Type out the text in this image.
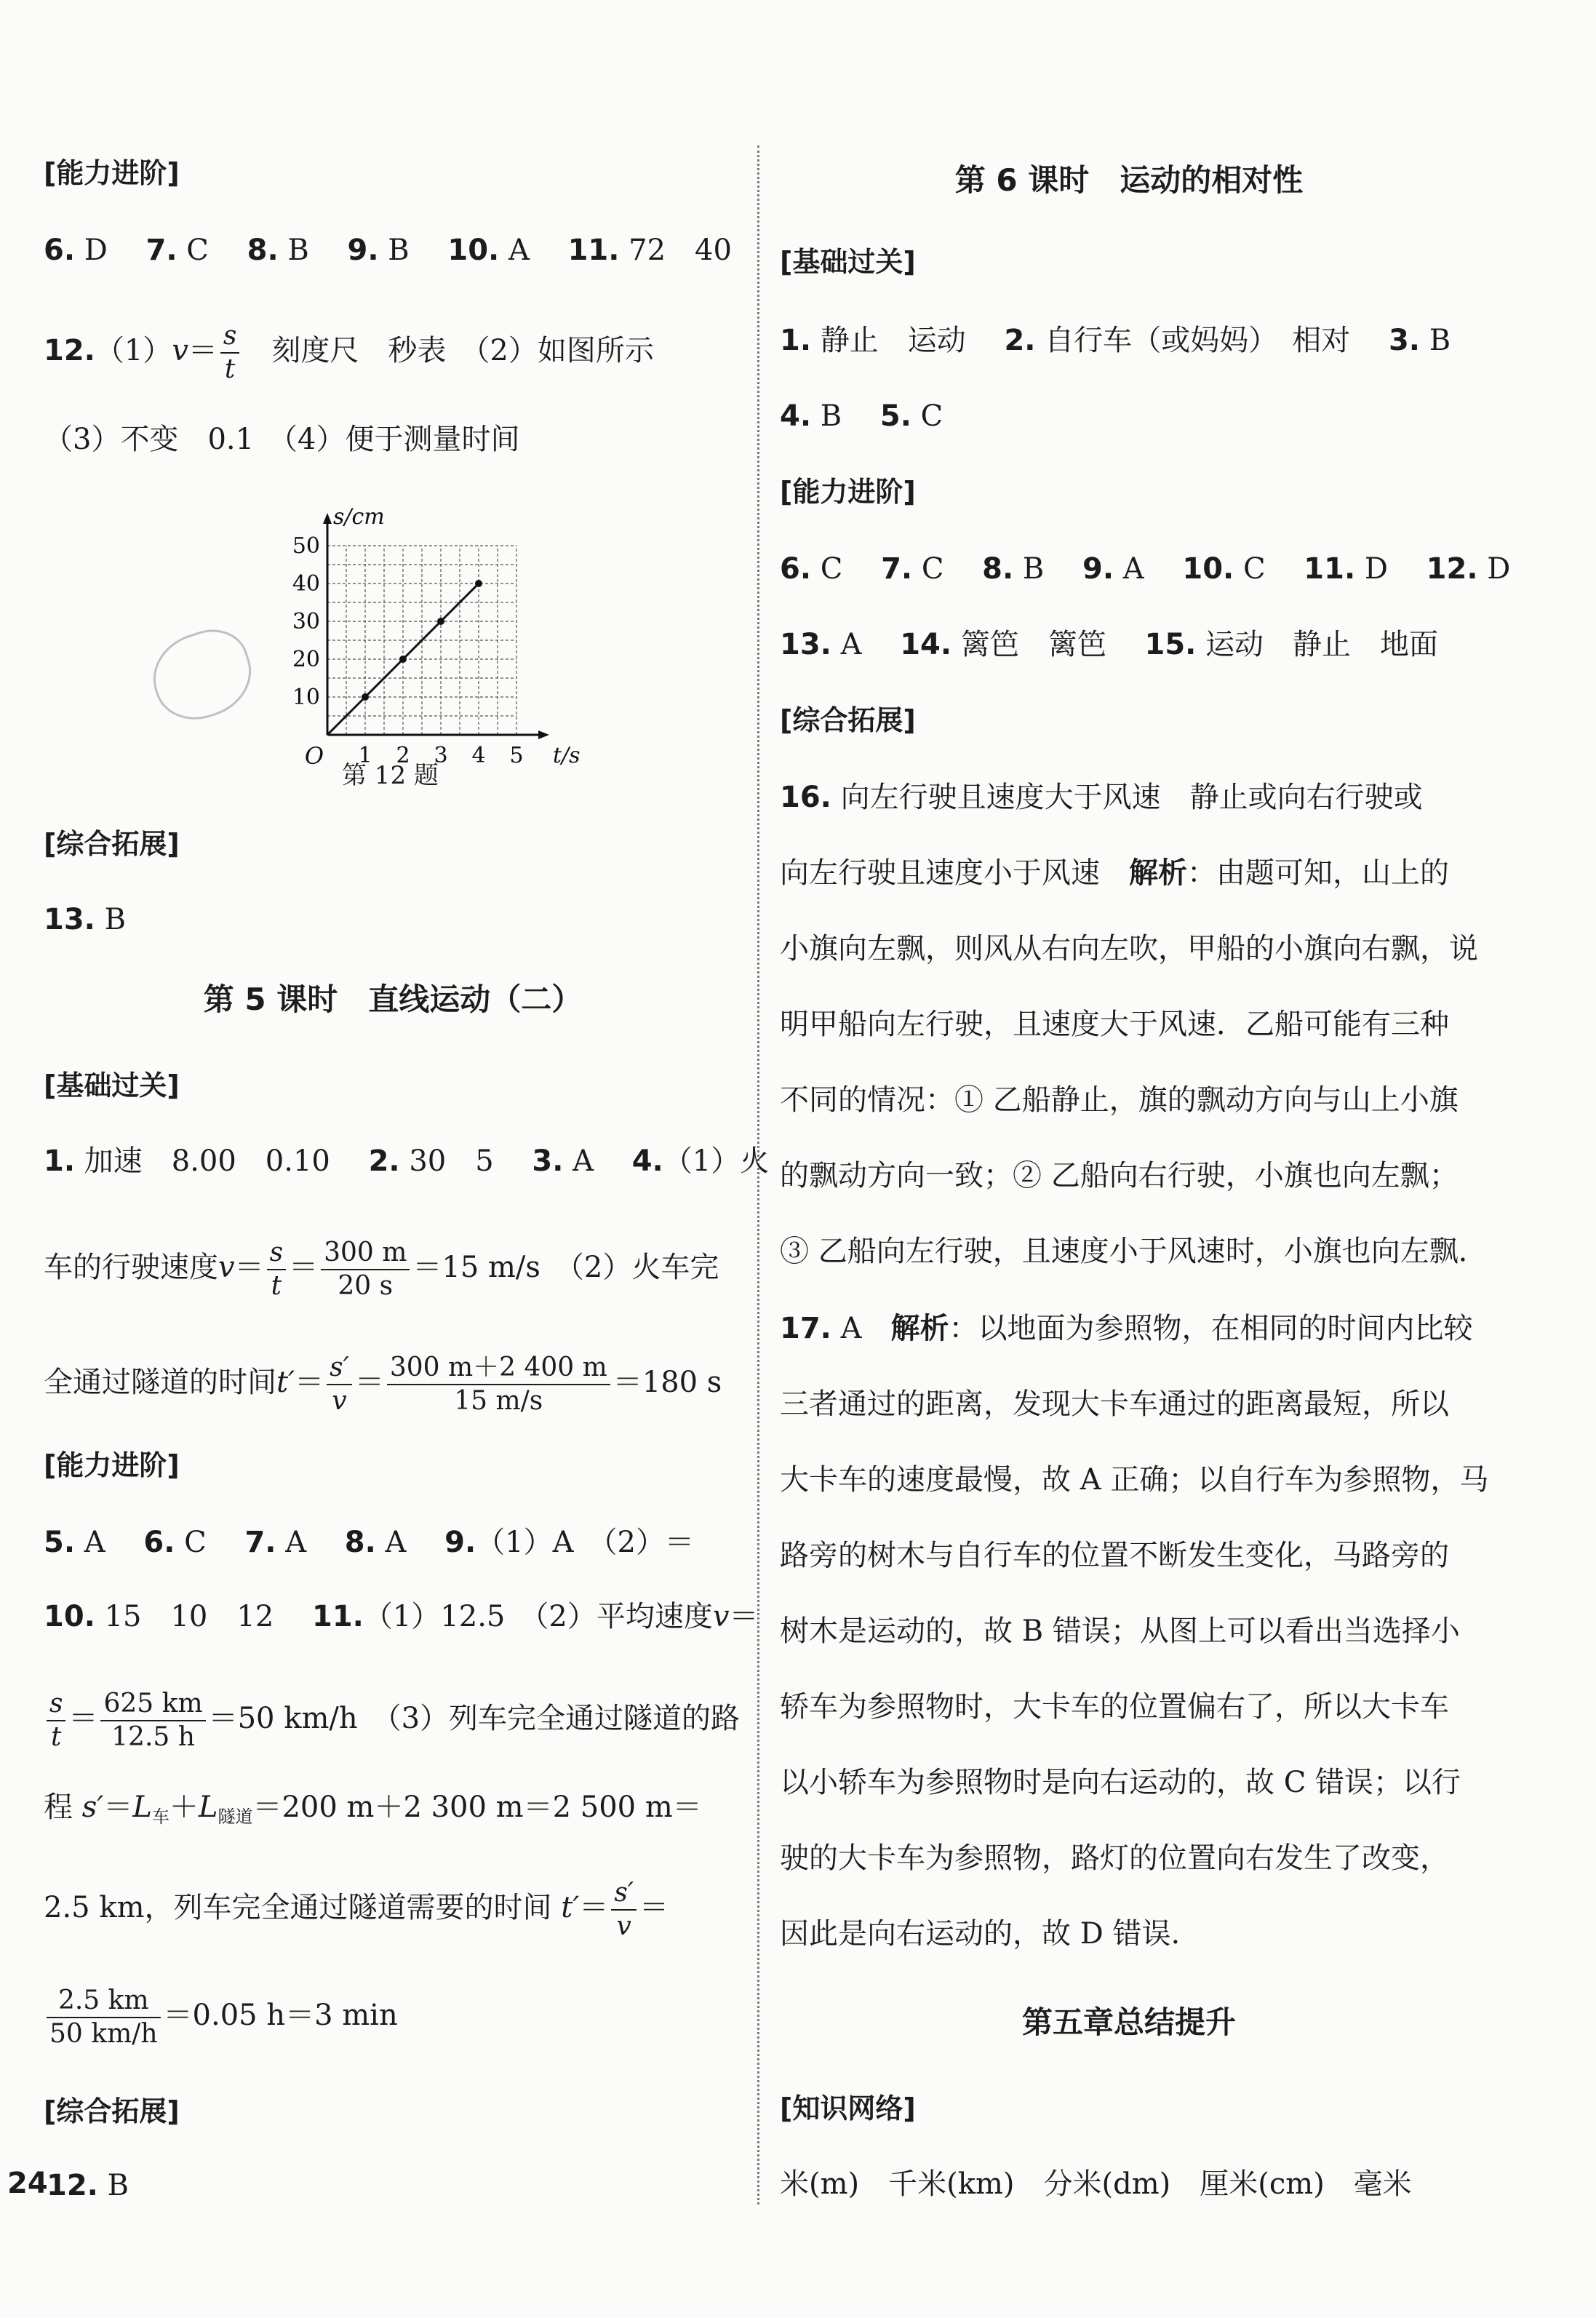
[能力进阶]
6. D 7. C 8. B 9. B 10. A 11. 72　40
$12.(1)v= \frac{s}{t}$ 刻度尺　秒表　（2）如图所示
（3）不变　0.1　（4）便于测量时间
1 2 3 4 5
10
20
30
40
50
O	t/s
s/cm
第 12 题
[综合拓展]
13. B
第 5 课时　直线运动（二）
[基础过关]
1. 加速　8.00　0.10 2. 30　5 3. A 4.（1）火
车的行驶速度$v= \frac{s}{t} = \frac{300 m}{20 s} =15$ m/s　（2）火车完
全通过隧道的时间$t'= \frac{s'}{v} = \frac{300 m+2 400 m}{15 m/s} =180$ s
[能力进阶]
5. A 6. C 7. A 8. A 9.（1）A　（2）＝
10. 15　10　12 11.（1）12.5　（2）平均速度v＝
$\frac{s}{t} = \frac{625 km}{12.5 h} =50$ km/h　（3）列车完全通过隧道的路
程 $s'=L_车+L_{隧道}=200$ m＋2 300 m＝2 500 m＝
2.5 km，列车完全通过隧道需要的时间 $t'= \frac{s'}{v}$ ＝
$\frac{2.5 km}{50 km/h} =0.05$ h＝3 min
[综合拓展]
12. B
第 6 课时　运动的相对性
[基础过关]
1. 静止　运动 2. 自行车（或妈妈）　相对 3. B
4. B 5. C
[能力进阶]
6. C 7. C 8. B 9. A 10. C 11. D 12. D
13. A 14. 篱笆　篱笆 15. 运动　静止　地面
[综合拓展]
16. 向左行驶且速度大于风速　静止或向右行驶或
向左行驶且速度小于风速 解析：由题可知，山上的
小旗向左飘，则风从右向左吹，甲船的小旗向右飘，说
明甲船向左行驶，且速度大于风速．乙船可能有三种
不同的情况：① 乙船静止，旗的飘动方向与山上小旗
的飘动方向一致；② 乙船向右行驶，小旗也向左飘；
③ 乙船向左行驶，且速度小于风速时，小旗也向左飘．
17. A 解析：以地面为参照物，在相同的时间内比较
三者通过的距离，发现大卡车通过的距离最短，所以
大卡车的速度最慢，故 A 正确；以自行车为参照物，马
路旁的树木与自行车的位置不断发生变化，马路旁的
树木是运动的，故 B 错误；从图上可以看出当选择小
轿车为参照物时，大卡车的位置偏右了，所以大卡车
以小轿车为参照物时是向右运动的，故 C 错误；以行
驶的大卡车为参照物，路灯的位置向右发生了改变，
因此是向右运动的，故 D 错误.
第五章总结提升
[知识网络]
米(m)　千米(km)　分米(dm)　厘米(cm)　毫米
24
